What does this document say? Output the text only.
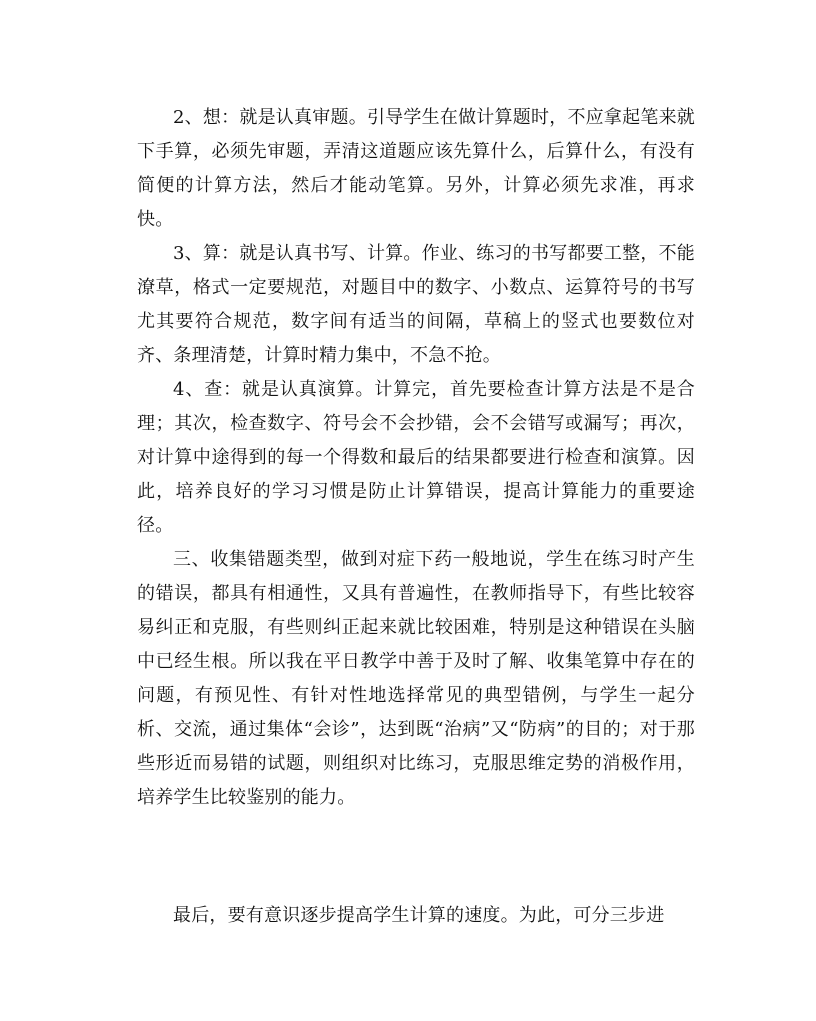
2、想：就是认真审题。引导学生在做计算题时，不应拿起笔来就下手算，必须先审题，弄清这道题应该先算什么，后算什么，有没有简便的计算方法，然后才能动笔算。另外，计算必须先求准，再求快。

3、算：就是认真书写、计算。作业、练习的书写都要工整，不能潦草，格式一定要规范，对题目中的数字、小数点、运算符号的书写尤其要符合规范，数字间有适当的间隔，草稿上的竖式也要数位对齐、条理清楚，计算时精力集中，不急不抢。

4、查：就是认真演算。计算完，首先要检查计算方法是不是合理；其次，检查数字、符号会不会抄错，会不会错写或漏写；再次，对计算中途得到的每一个得数和最后的结果都要进行检查和演算。因此，培养良好的学习习惯是防止计算错误，提高计算能力的重要途径。

三、收集错题类型，做到对症下药一般地说，学生在练习时产生的错误，都具有相通性，又具有普遍性，在教师指导下，有些比较容易纠正和克服，有些则纠正起来就比较困难，特别是这种错误在头脑中已经生根。所以我在平日教学中善于及时了解、收集笔算中存在的问题，有预见性、有针对性地选择常见的典型错例，与学生一起分析、交流，通过集体“会诊”，达到既“治病”又“防病”的目的；对于那些形近而易错的试题，则组织对比练习，克服思维定势的消极作用，培养学生比较鉴别的能力。

最后，要有意识逐步提高学生计算的速度。为此，可分三步进
